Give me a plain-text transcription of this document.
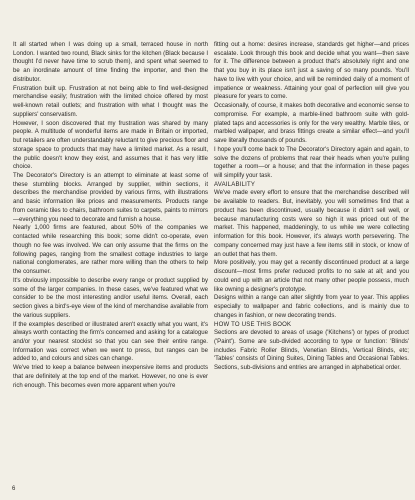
It all started when I was doing up a small, terraced house in north London. I wanted two round, Black sinks for the kitchen (Black because I thought I'd never have time to scrub them), and spent what seemed to be an inordinate amount of time finding the importer, and then the distributor.

Frustration built up. Frustration at not being able to find well-designed merchandise easily; frustration with the limited choice offered by most well-known retail outlets; and frustration with what I thought was the suppliers' conservatism.

However, I soon discovered that my frustration was shared by many people. A multitude of wonderful items are made in Britain or imported, but retailers are often understandably reluctant to give precious floor and storage space to products that may have a limited market. As a result, the public doesn't know they exist, and assumes that it has very little choice.

The Decorator's Directory is an attempt to eliminate at least some of these stumbling blocks. Arranged by supplier, within sections, it describes the merchandise provided by various firms, with illustrations and basic information like prices and measurements. Products range from ceramic tiles to chairs, bathroom suites to carpets, paints to mirrors—everything you need to decorate and furnish a house.

Nearly 1,000 firms are featured, about 50% of the companies we contacted while researching this book; some didn't co-operate, even though no fee was involved. We can only assume that the firms on the following pages, ranging from the smallest cottage industries to large national conglomerates, are rather more willing than the others to help the consumer.

It's obviously impossible to describe every range or product supplied by some of the larger companies. In these cases, we've featured what we consider to be the most interesting and/or useful items. Overall, each section gives a bird's-eye view of the kind of merchandise available from the various suppliers.

If the examples described or illustrated aren't exactly what you want, it's always worth contacting the firm's concerned and asking for a catalogue and/or your nearest stockist so that you can see their entire range. Information was correct when we went to press, but ranges can be added to, and colours and sizes can change.

We've tried to keep a balance between inexpensive items and products that are definitely at the top end of the market. However, no one is ever rich enough. This becomes even more apparent when you're

fitting out a home: desires increase, standards get higher—and prices escalate. Look through this book and decide what you want—then save for it. The difference between a product that's absolutely right and one that you buy in its place isn't just a saving of so many pounds. You'll have to live with your choice, and will be reminded daily of a moment of impatience or weakness. Attaining your goal of perfection will give you pleasure for years to come.

Occasionally, of course, it makes both decorative and economic sense to compromise. For example, a marble-lined bathroom suite with gold-plated taps and accessories is only for the very wealthy. Marble tiles, or marbled wallpaper, and brass fittings create a similar effect—and you'll save literally thousands of pounds.

I hope you'll come back to The Decorator's Directory again and again, to solve the dozens of problems that rear their heads when you're pulling together a room—or a house; and that the information in these pages will simplify your task.

AVAILABILITY

We've made every effort to ensure that the merchandise described will be available to readers. But, inevitably, you will sometimes find that a product has been discontinued, usually because it didn't sell well, or because manufacturing costs were so high it was priced out of the market. This happened, maddeningly, to us while we were collecting information for this book. However, it's always worth persevering. The company concerned may just have a few items still in stock, or know of an outlet that has them.

More positively, you may get a recently discontinued product at a large discount—most firms prefer reduced profits to no sale at all; and you could end up with an article that not many other people possess, much like owning a designer's prototype.

Designs within a range can alter slightly from year to year. This applies especially to wallpaper and fabric collections, and is mainly due to changes in fashion, or new decorating trends.

HOW TO USE THIS BOOK

Sections are devoted to areas of usage ('Kitchens') or types of product ('Paint'). Some are sub-divided according to type or function: 'Blinds' includes Fabric Roller Blinds, Venetian Blinds, Vertical Blinds, etc; 'Tables' consists of Dining Suites, Dining Tables and Occasional Tables. Sections, sub-divisions and entries are arranged in alphabetical order.

6
